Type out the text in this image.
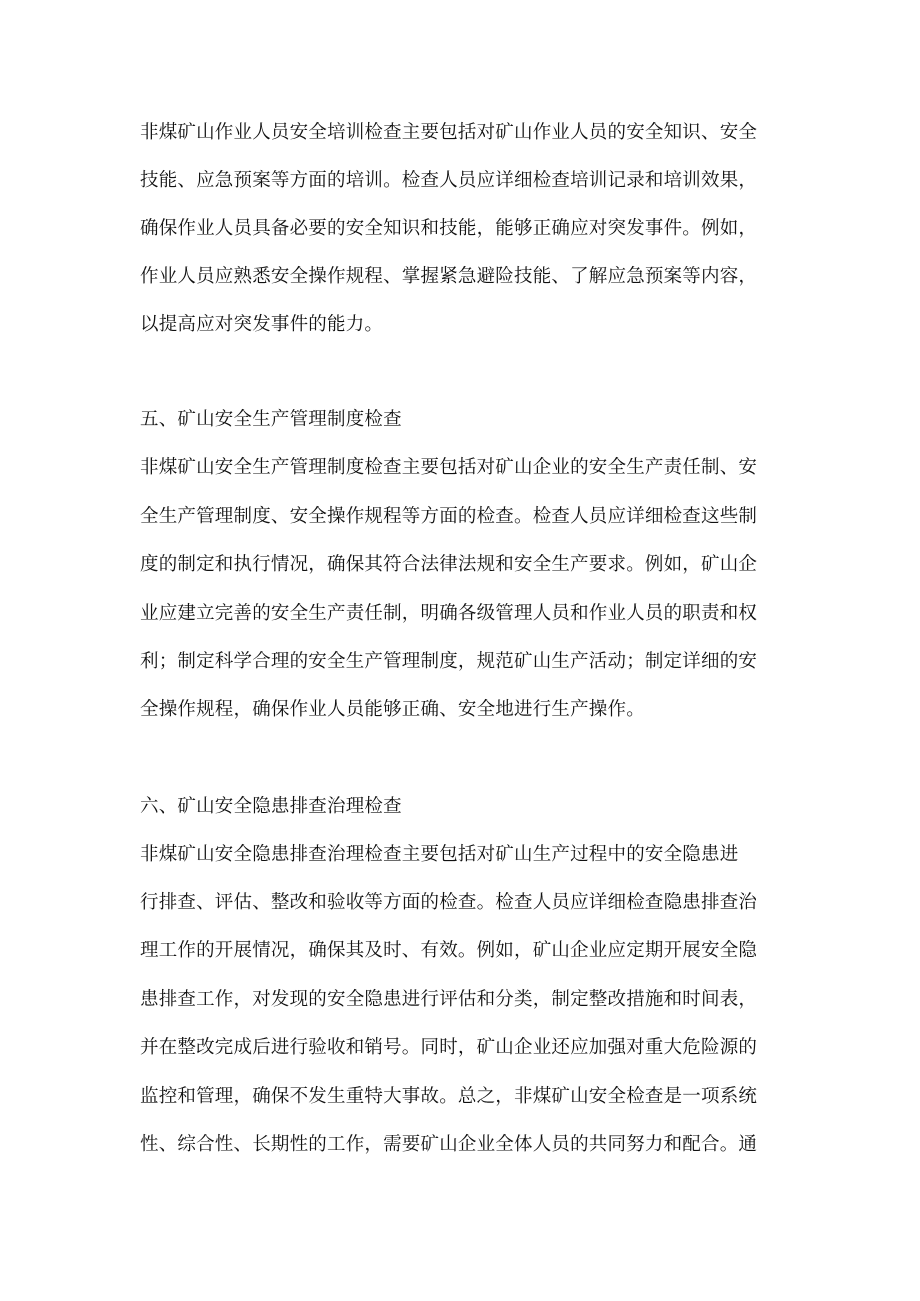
非煤矿山作业人员安全培训检查主要包括对矿山作业人员的安全知识、安全

技能、应急预案等方面的培训。检查人员应详细检查培训记录和培训效果，

确保作业人员具备必要的安全知识和技能，能够正确应对突发事件。例如，

作业人员应熟悉安全操作规程、掌握紧急避险技能、了解应急预案等内容，

以提高应对突发事件的能力。

五、矿山安全生产管理制度检查

非煤矿山安全生产管理制度检查主要包括对矿山企业的安全生产责任制、安

全生产管理制度、安全操作规程等方面的检查。检查人员应详细检查这些制

度的制定和执行情况，确保其符合法律法规和安全生产要求。例如，矿山企

业应建立完善的安全生产责任制，明确各级管理人员和作业人员的职责和权

利；制定科学合理的安全生产管理制度，规范矿山生产活动；制定详细的安

全操作规程，确保作业人员能够正确、安全地进行生产操作。

六、矿山安全隐患排查治理检查

非煤矿山安全隐患排查治理检查主要包括对矿山生产过程中的安全隐患进

行排查、评估、整改和验收等方面的检查。检查人员应详细检查隐患排查治

理工作的开展情况，确保其及时、有效。例如，矿山企业应定期开展安全隐

患排查工作，对发现的安全隐患进行评估和分类，制定整改措施和时间表，

并在整改完成后进行验收和销号。同时，矿山企业还应加强对重大危险源的

监控和管理，确保不发生重特大事故。总之，非煤矿山安全检查是一项系统

性、综合性、长期性的工作，需要矿山企业全体人员的共同努力和配合。通
